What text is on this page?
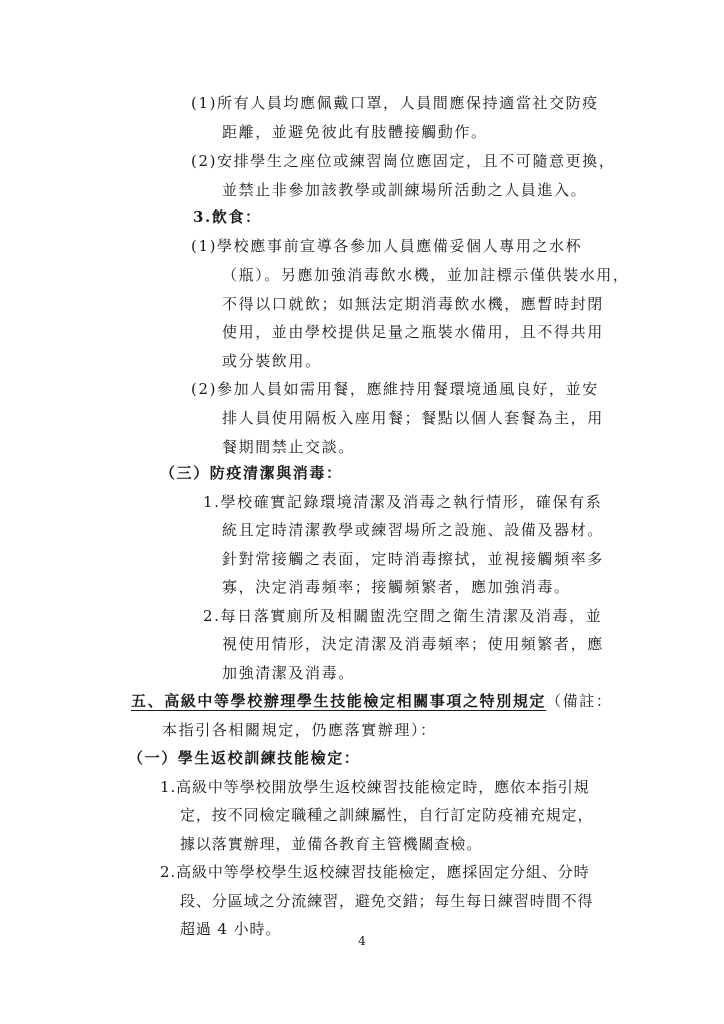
(1)所有人員均應佩戴口罩，人員間應保持適當社交防疫
距離，並避免彼此有肢體接觸動作。
(2)安排學生之座位或練習崗位應固定，且不可隨意更換，
並禁止非參加該教學或訓練場所活動之人員進入。
3.飲食：
(1)學校應事前宣導各參加人員應備妥個人專用之水杯
（瓶）。另應加強消毒飲水機，並加註標示僅供裝水用，
不得以口就飲；如無法定期消毒飲水機，應暫時封閉
使用，並由學校提供足量之瓶裝水備用，且不得共用
或分裝飲用。
(2)參加人員如需用餐，應維持用餐環境通風良好，並安
排人員使用隔板入座用餐；餐點以個人套餐為主，用
餐期間禁止交談。
（三）防疫清潔與消毒：
1.學校確實記錄環境清潔及消毒之執行情形，確保有系
統且定時清潔教學或練習場所之設施、設備及器材。
針對常接觸之表面，定時消毒擦拭，並視接觸頻率多
寡，決定消毒頻率；接觸頻繁者，應加強消毒。
2.每日落實廁所及相關盥洗空間之衛生清潔及消毒，並
視使用情形，決定清潔及消毒頻率；使用頻繁者，應
加強清潔及消毒。
五、高級中等學校辦理學生技能檢定相關事項之特別規定（備註：
本指引各相關規定，仍應落實辦理）：
（一）學生返校訓練技能檢定：
1.高級中等學校開放學生返校練習技能檢定時，應依本指引規
定，按不同檢定職種之訓練屬性，自行訂定防疫補充規定，
據以落實辦理，並備各教育主管機關查檢。
2.高級中等學校學生返校練習技能檢定，應採固定分組、分時
段、分區域之分流練習，避免交錯；每生每日練習時間不得
超過 4 小時。
4
